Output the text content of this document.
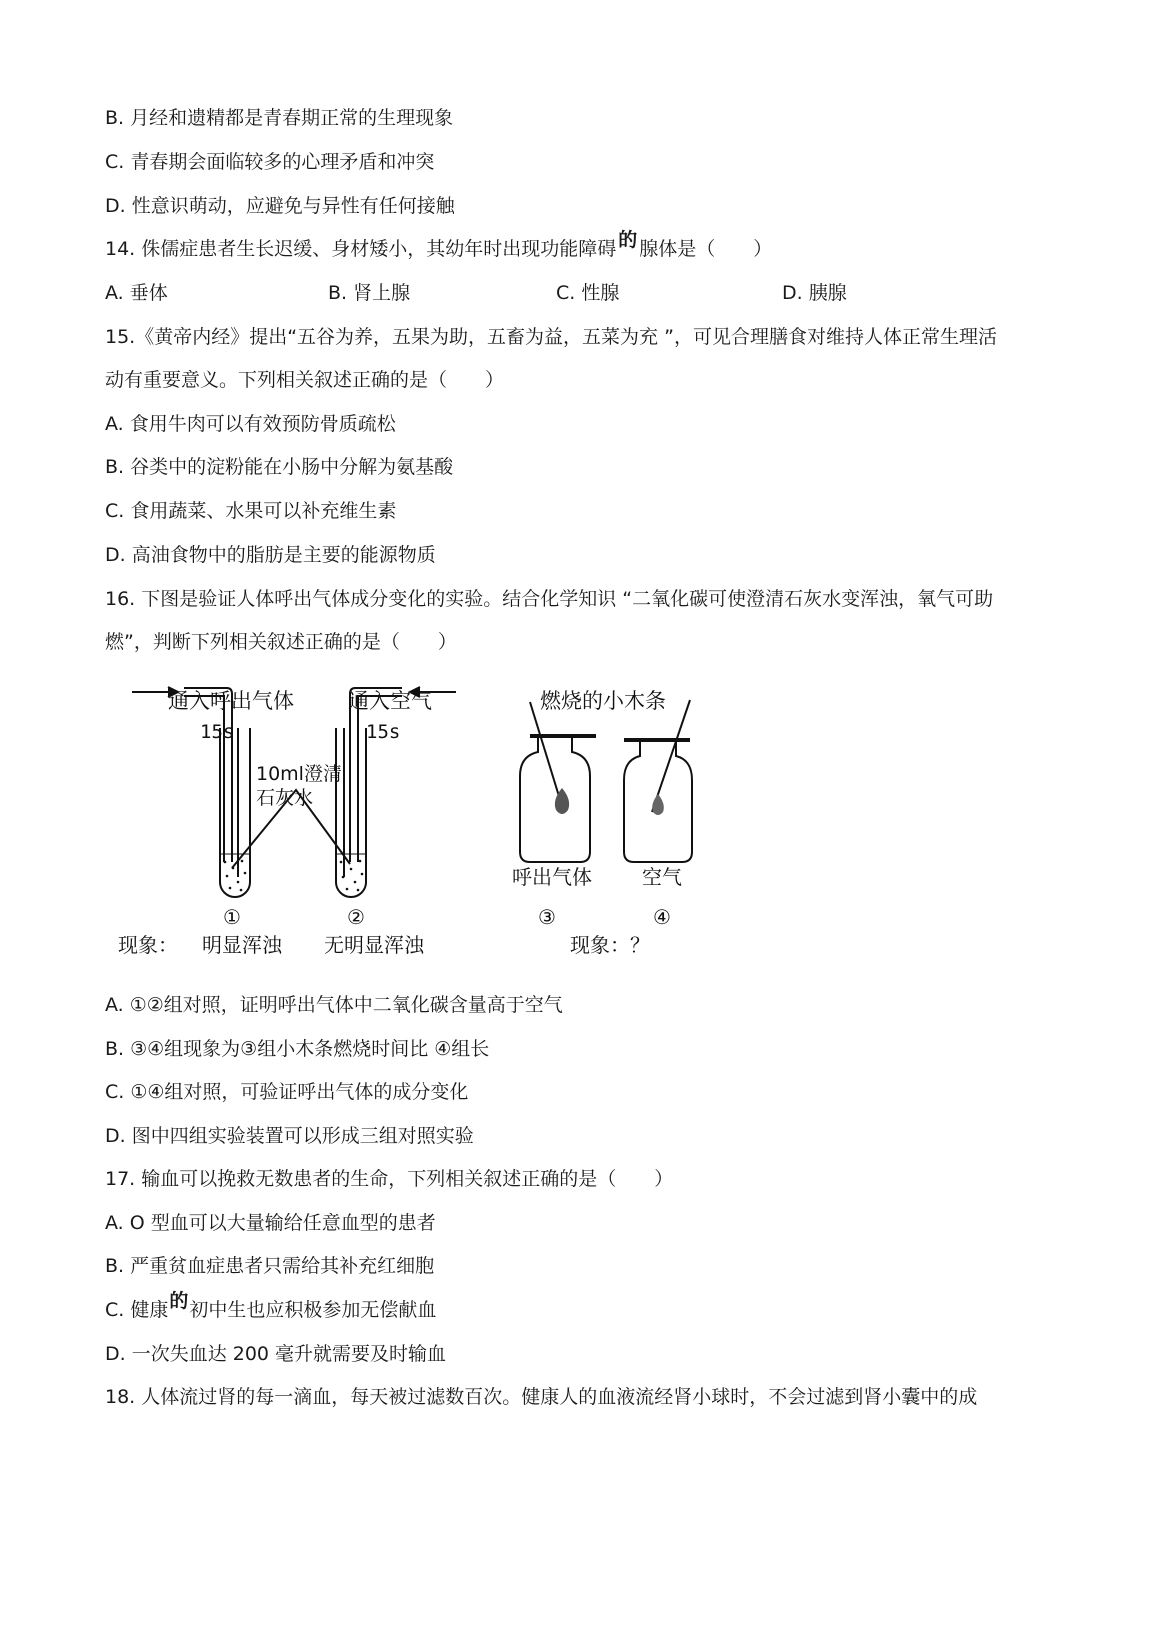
B. 月经和遗精都是青春期正常的生理现象
C. 青春期会面临较多的心理矛盾和冲突
D. 性意识萌动，应避免与异性有任何接触
14. 侏儒症患者生长迟缓、身材矮小，其幼年时出现功能障碍 的 腺体是（　　）
A. 垂体	B. 肾上腺	C. 性腺	D. 胰腺
15.《黄帝内经》提出“五谷为养，五果为助，五畜为益，五菜为充 ”，可见合理膳食对维持人体正常生理活
动有重要意义。下列相关叙述正确的是（　　）
A. 食用牛肉可以有效预防骨质疏松
B. 谷类中的淀粉能在小肠中分解为氨基酸
C. 食用蔬菜、水果可以补充维生素
D. 高油食物中的脂肪是主要的能源物质
16. 下图是验证人体呼出气体成分变化的实验。结合化学知识 “二氧化碳可使澄清石灰水变浑浊，氧气可助
燃”，判断下列相关叙述正确的是（　　）
通入呼出气体	通入空气
15s	15s
10ml澄清
石灰水
燃烧的小木条
呼出气体	空气
①	②	③	④
现象： 明显浑浊 无明显浑浊	现象：？
A. ①②组对照，证明呼出气体中二氧化碳含量高于空气
B. ③④组现象为③组小木条燃烧时间比 ④组长
C. ①④组对照，可验证呼出气体的成分变化
D. 图中四组实验装置可以形成三组对照实验
17. 输血可以挽救无数患者的生命，下列相关叙述正确的是（　　）
A. O 型血可以大量输给任意血型的患者
B. 严重贫血症患者只需给其补充红细胞
C. 健康的初中生也应积极参加无偿献血
D. 一次失血达 200 毫升就需要及时输血
18. 人体流过肾的每一滴血，每天被过滤数百次。健康人的血液流经肾小球时，不会过滤到肾小囊中的成
